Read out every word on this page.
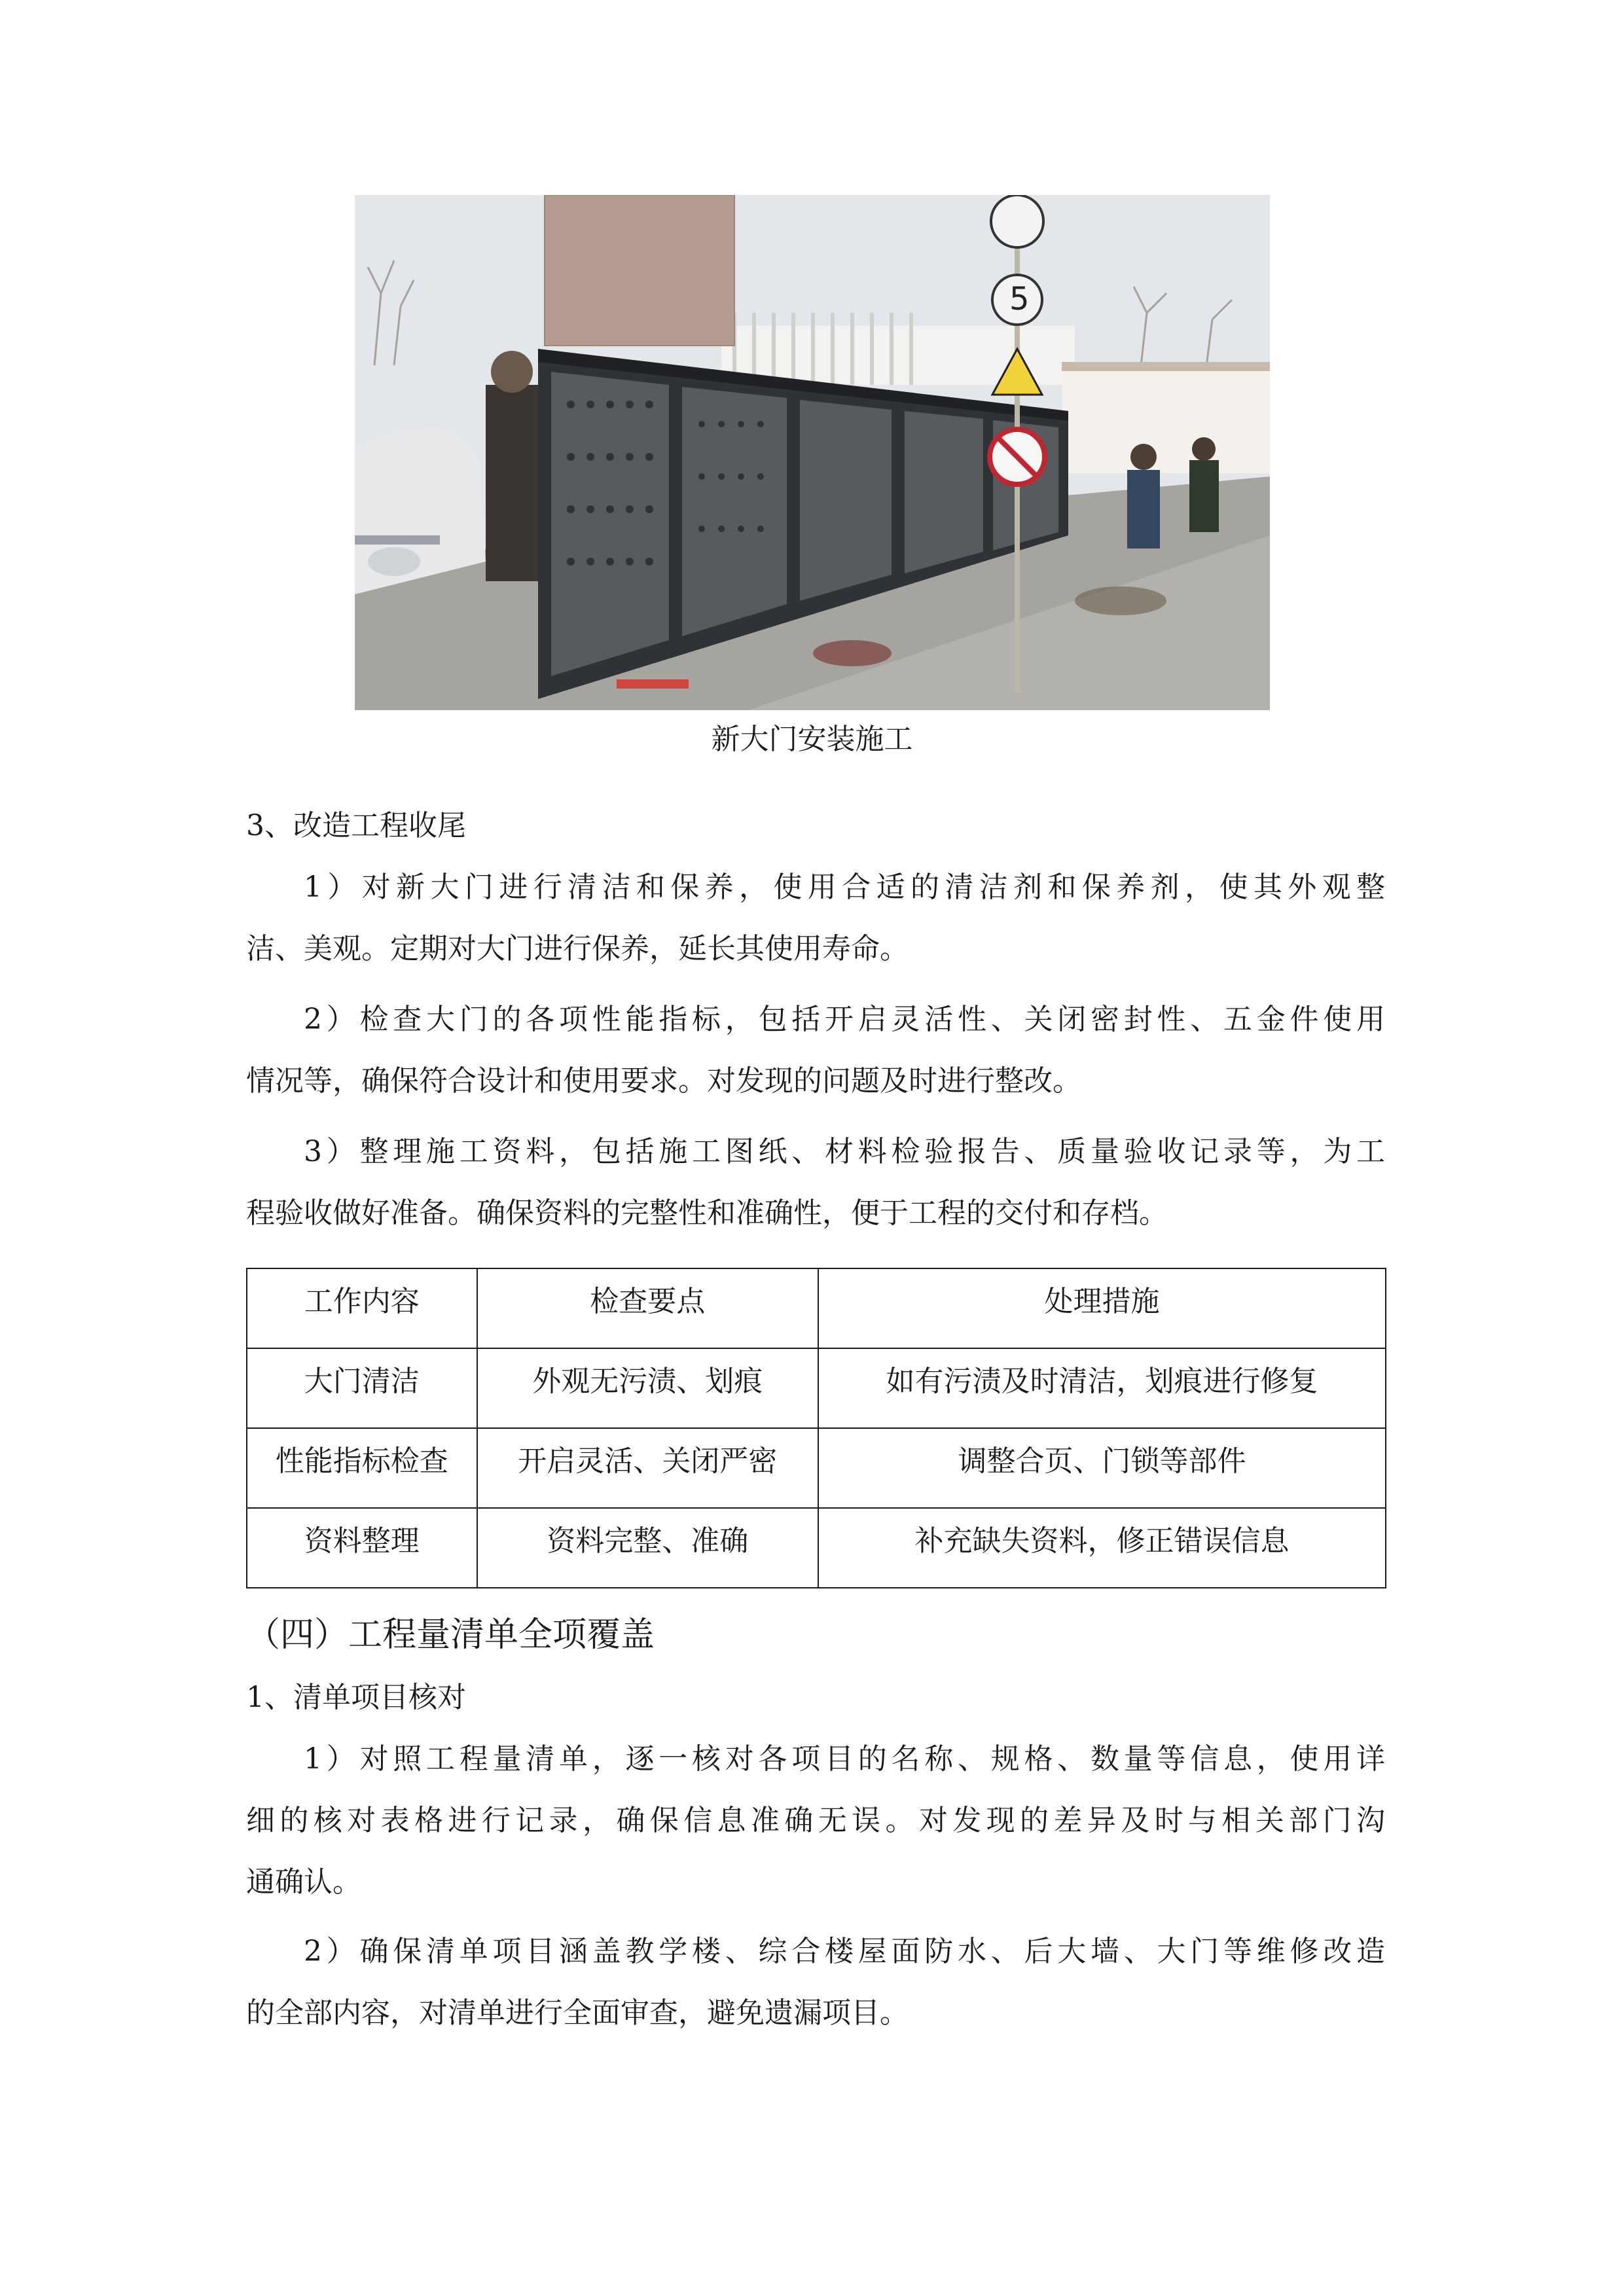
5
新大门安装施工
3、改造工程收尾
1）对新大门进行清洁和保养，使用合适的清洁剂和保养剂，使其外观整
洁、美观。定期对大门进行保养，延长其使用寿命。
2）检查大门的各项性能指标，包括开启灵活性、关闭密封性、五金件使用
情况等，确保符合设计和使用要求。对发现的问题及时进行整改。
3）整理施工资料，包括施工图纸、材料检验报告、质量验收记录等，为工
程验收做好准备。确保资料的完整性和准确性，便于工程的交付和存档。
工作内容	检查要点	处理措施
大门清洁	外观无污渍、划痕	如有污渍及时清洁，划痕进行修复
性能指标检查	开启灵活、关闭严密	调整合页、门锁等部件
资料整理	资料完整、准确	补充缺失资料，修正错误信息
（四）工程量清单全项覆盖
1、清单项目核对
1）对照工程量清单，逐一核对各项目的名称、规格、数量等信息，使用详
细的核对表格进行记录，确保信息准确无误。对发现的差异及时与相关部门沟
通确认。
2）确保清单项目涵盖教学楼、综合楼屋面防水、后大墙、大门等维修改造
的全部内容，对清单进行全面审查，避免遗漏项目。
